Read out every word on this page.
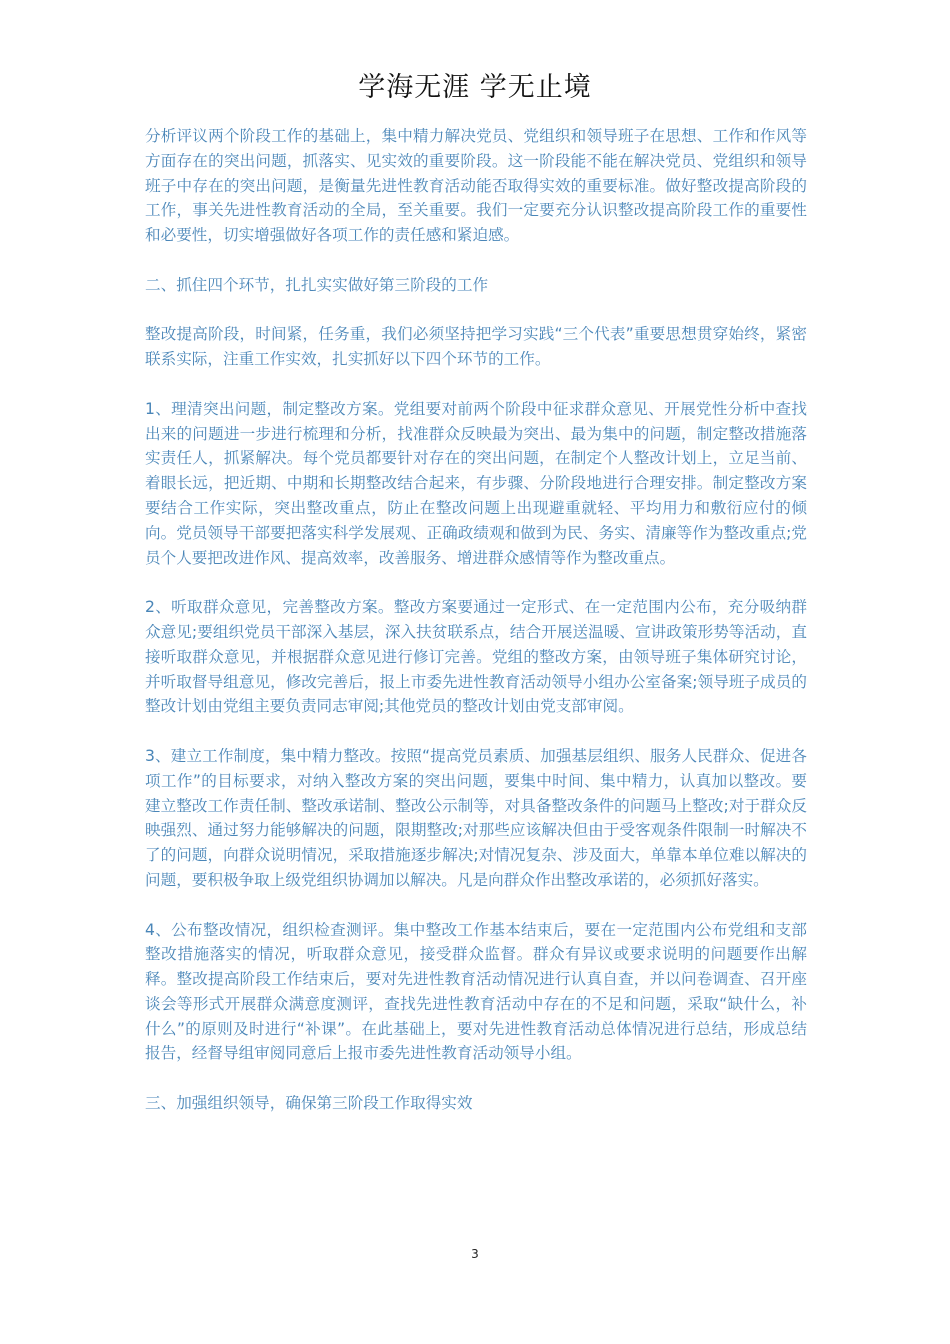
学海无涯 学无止境

分析评议两个阶段工作的基础上，集中精力解决党员、党组织和领导班子在思想、工作和作风等方面存在的突出问题，抓落实、见实效的重要阶段。这一阶段能不能在解决党员、党组织和领导班子中存在的突出问题，是衡量先进性教育活动能否取得实效的重要标准。做好整改提高阶段的工作，事关先进性教育活动的全局，至关重要。我们一定要充分认识整改提高阶段工作的重要性和必要性，切实增强做好各项工作的责任感和紧迫感。

二、抓住四个环节，扎扎实实做好第三阶段的工作

整改提高阶段，时间紧，任务重，我们必须坚持把学习实践“三个代表”重要思想贯穿始终，紧密联系实际，注重工作实效，扎实抓好以下四个环节的工作。

1、理清突出问题，制定整改方案。党组要对前两个阶段中征求群众意见、开展党性分析中查找出来的问题进一步进行梳理和分析，找准群众反映最为突出、最为集中的问题，制定整改措施落实责任人，抓紧解决。每个党员都要针对存在的突出问题，在制定个人整改计划上，立足当前、着眼长远，把近期、中期和长期整改结合起来，有步骤、分阶段地进行合理安排。制定整改方案要结合工作实际，突出整改重点，防止在整改问题上出现避重就轻、平均用力和敷衍应付的倾向。党员领导干部要把落实科学发展观、正确政绩观和做到为民、务实、清廉等作为整改重点;党员个人要把改进作风、提高效率，改善服务、增进群众感情等作为整改重点。

2、听取群众意见，完善整改方案。整改方案要通过一定形式、在一定范围内公布，充分吸纳群众意见;要组织党员干部深入基层，深入扶贫联系点，结合开展送温暖、宣讲政策形势等活动，直接听取群众意见，并根据群众意见进行修订完善。党组的整改方案，由领导班子集体研究讨论，并听取督导组意见，修改完善后，报上市委先进性教育活动领导小组办公室备案;领导班子成员的整改计划由党组主要负责同志审阅;其他党员的整改计划由党支部审阅。

3、建立工作制度，集中精力整改。按照“提高党员素质、加强基层组织、服务人民群众、促进各项工作”的目标要求，对纳入整改方案的突出问题，要集中时间、集中精力，认真加以整改。要建立整改工作责任制、整改承诺制、整改公示制等，对具备整改条件的问题马上整改;对于群众反映强烈、通过努力能够解决的问题，限期整改;对那些应该解决但由于受客观条件限制一时解决不了的问题，向群众说明情况，采取措施逐步解决;对情况复杂、涉及面大，单靠本单位难以解决的问题，要积极争取上级党组织协调加以解决。凡是向群众作出整改承诺的，必须抓好落实。

4、公布整改情况，组织检查测评。集中整改工作基本结束后，要在一定范围内公布党组和支部整改措施落实的情况，听取群众意见，接受群众监督。群众有异议或要求说明的问题要作出解释。整改提高阶段工作结束后，要对先进性教育活动情况进行认真自查，并以问卷调查、召开座谈会等形式开展群众满意度测评，查找先进性教育活动中存在的不足和问题，采取“缺什么，补什么”的原则及时进行“补课”。在此基础上，要对先进性教育活动总体情况进行总结，形成总结报告，经督导组审阅同意后上报市委先进性教育活动领导小组。

三、加强组织领导，确保第三阶段工作取得实效

3
